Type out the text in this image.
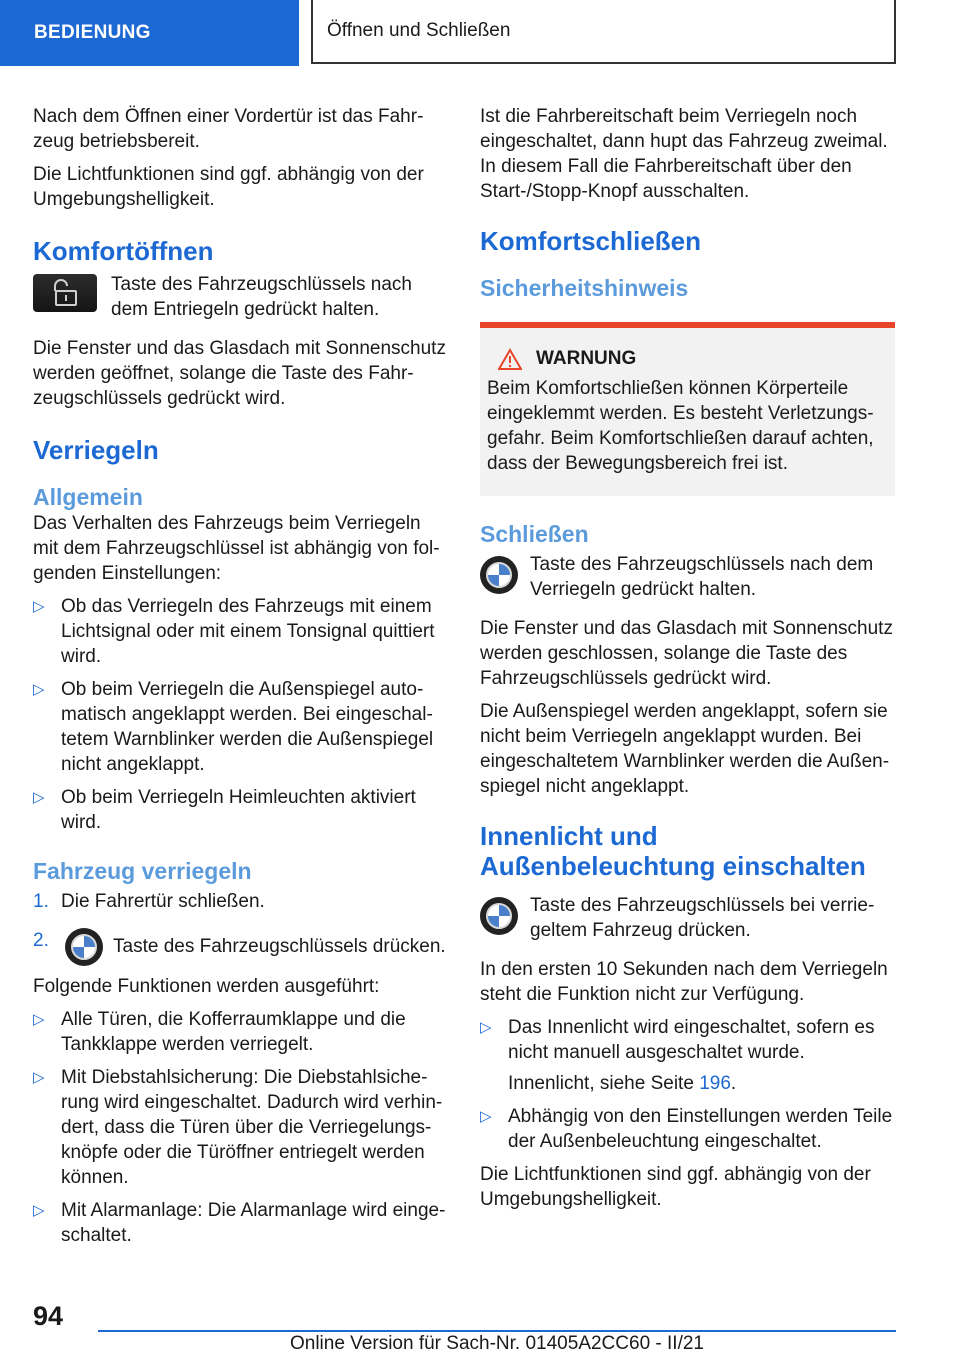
BEDIENUNG	Öffnen und Schließen

Nach dem Öffnen einer Vordertür ist das Fahrzeug betriebsbereit.

Die Lichtfunktionen sind ggf. abhängig von der Umgebungshelligkeit.

Komfortöffnen
Taste des Fahrzeugschlüssels nach dem Entriegeln gedrückt halten.

Die Fenster und das Glasdach mit Sonnenschutz werden geöffnet, solange die Taste des Fahrzeugschlüssels gedrückt wird.

Verriegeln
Allgemein

Das Verhalten des Fahrzeugs beim Verriegeln mit dem Fahrzeugschlüssel ist abhängig von folgenden Einstellungen:

▷ Ob das Verriegeln des Fahrzeugs mit einem Lichtsignal oder mit einem Tonsignal quittiert wird.
▷ Ob beim Verriegeln die Außenspiegel automatisch angeklappt werden. Bei eingeschaltetem Warnblinker werden die Außenspiegel nicht angeklappt.
▷ Ob beim Verriegeln Heimleuchten aktiviert wird.
Fahrzeug verriegeln
1. Die Fahrertür schließen.
2.	Taste des Fahrzeugschlüssels drücken.

Folgende Funktionen werden ausgeführt:

▷ Alle Türen, die Kofferraumklappe und die Tankklappe werden verriegelt.
▷ Mit Diebstahlsicherung: Die Diebstahlsicherung wird eingeschaltet. Dadurch wird verhindert, dass die Türen über die Verriegelungsknöpfe oder die Türöffner entriegelt werden können.
▷ Mit Alarmanlage: Die Alarmanlage wird eingeschaltet.

Ist die Fahrbereitschaft beim Verriegeln noch eingeschaltet, dann hupt das Fahrzeug zweimal. In diesem Fall die Fahrbereitschaft über den Start-/Stopp-Knopf ausschalten.

Komfortschließen
Sicherheitshinweis
WARNUNG

Beim Komfortschließen können Körperteile eingeklemmt werden. Es besteht Verletzungsgefahr. Beim Komfortschließen darauf achten, dass der Bewegungsbereich frei ist.

Schließen
Taste des Fahrzeugschlüssels nach dem Verriegeln gedrückt halten.

Die Fenster und das Glasdach mit Sonnenschutz werden geschlossen, solange die Taste des Fahrzeugschlüssels gedrückt wird.

Die Außenspiegel werden angeklappt, sofern sie nicht beim Verriegeln angeklappt wurden. Bei eingeschaltetem Warnblinker werden die Außenspiegel nicht angeklappt.

Innenlicht und Außenbeleuchtung einschalten
Taste des Fahrzeugschlüssels bei verriegeltem Fahrzeug drücken.

In den ersten 10 Sekunden nach dem Verriegeln steht die Funktion nicht zur Verfügung.

▷ Das Innenlicht wird eingeschaltet, sofern es nicht manuell ausgeschaltet wurde.
Innenlicht, siehe Seite 196.
▷ Abhängig von den Einstellungen werden Teile der Außenbeleuchtung eingeschaltet.

Die Lichtfunktionen sind ggf. abhängig von der Umgebungshelligkeit.

94
Online Version für Sach-Nr. 01405A2CC60 - II/21
